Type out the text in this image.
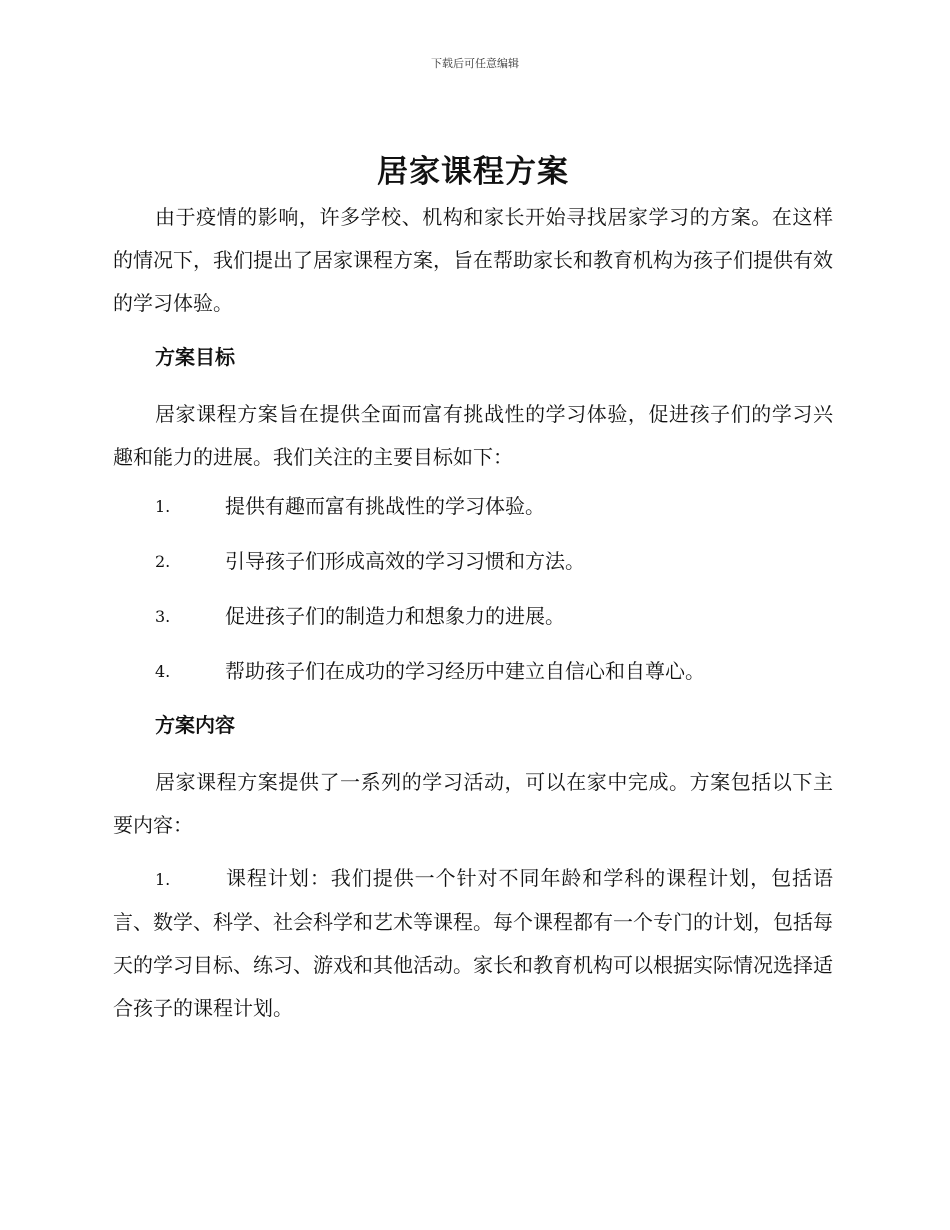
下载后可任意编辑
居家课程方案

由于疫情的影响，许多学校、机构和家长开始寻找居家学习的方案。在这样的情况下，我们提出了居家课程方案，旨在帮助家长和教育机构为孩子们提供有效的学习体验。

方案目标

居家课程方案旨在提供全面而富有挑战性的学习体验，促进孩子们的学习兴趣和能力的进展。我们关注的主要目标如下：

1.	提供有趣而富有挑战性的学习体验。
2.	引导孩子们形成高效的学习习惯和方法。
3.	促进孩子们的制造力和想象力的进展。
4.	帮助孩子们在成功的学习经历中建立自信心和自尊心。
方案内容

居家课程方案提供了一系列的学习活动，可以在家中完成。方案包括以下主要内容：

1.	课程计划：我们提供一个针对不同年龄和学科的课程计划，包括语言、数学、科学、社会科学和艺术等课程。每个课程都有一个专门的计划，包括每天的学习目标、练习、游戏和其他活动。家长和教育机构可以根据实际情况选择适合孩子的课程计划。
